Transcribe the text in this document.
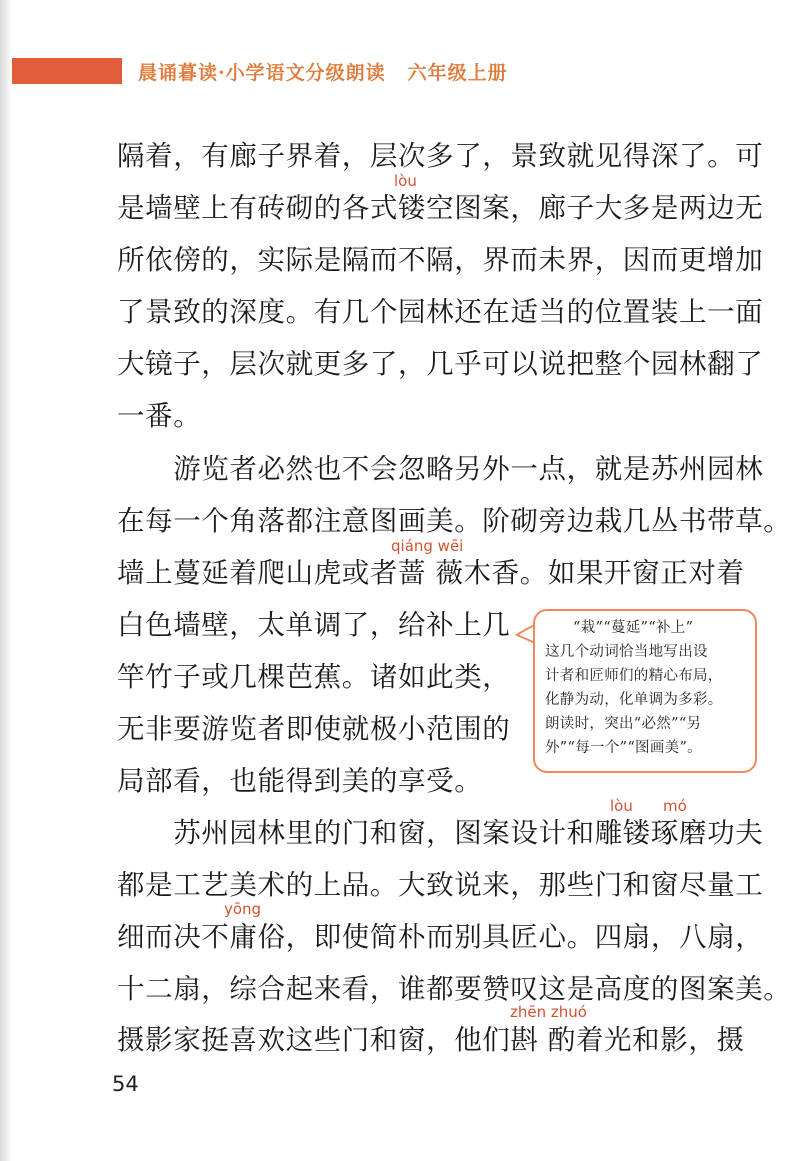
晨诵暮读·小学语文分级朗读 六年级上册
lòu
qiáng wēi
lòu mó
yōng
zhēn zhuó
隔着，有廊子界着，层次多了，景致就见得深了。可
是墙壁上有砖砌的各式镂空图案，廊子大多是两边无
所依傍的，实际是隔而不隔，界而未界，因而更增加
了景致的深度。有几个园林还在适当的位置装上一面
大镜子，层次就更多了，几乎可以说把整个园林翻了
一番。
　　游览者必然也不会忽略另外一点，就是苏州园林
在每一个角落都注意图画美。阶砌旁边栽几丛书带草。
墙上蔓延着爬山虎或者蔷 薇木香。如果开窗正对着
白色墙壁，太单调了，给补上几
竿竹子或几棵芭蕉。诸如此类，
无非要游览者即使就极小范围的
局部看，也能得到美的享受。
　　苏州园林里的门和窗，图案设计和雕镂琢磨功夫
都是工艺美术的上品。大致说来，那些门和窗尽量工
细而决不庸俗，即使简朴而别具匠心。四扇，八扇，
十二扇，综合起来看，谁都要赞叹这是高度的图案美。
摄影家挺喜欢这些门和窗，他们斟 酌着光和影，摄
“栽”“蔓延”“补上”
这几个动词恰当地写出设
计者和匠师们的精心布局，
化静为动，化单调为多彩。
朗读时，突出“必然”“另
外”“每一个”“图画美”。
54
